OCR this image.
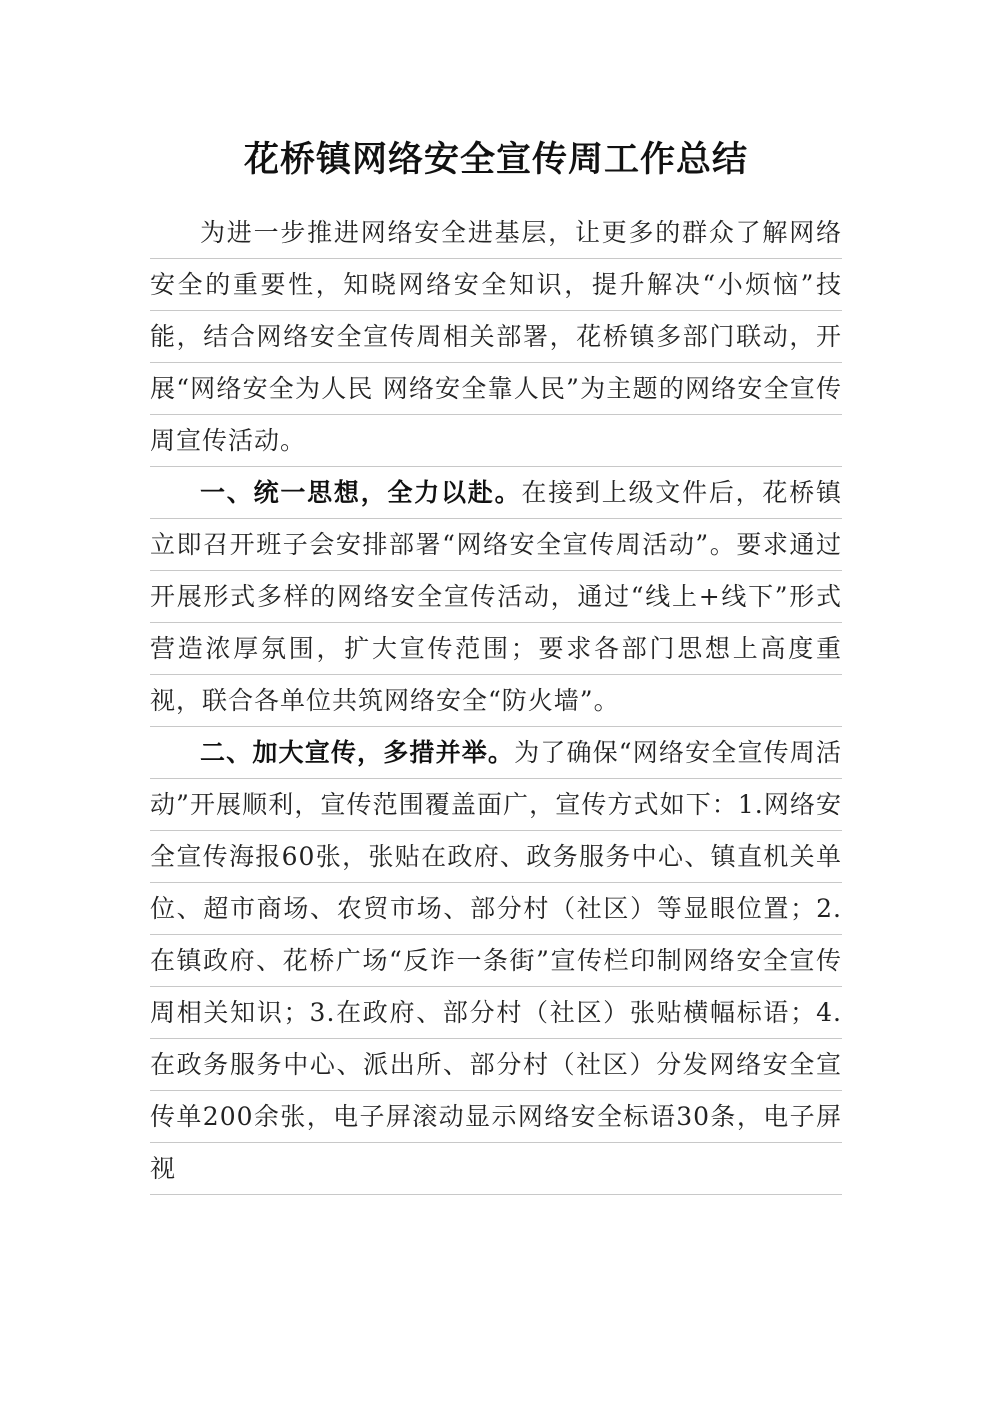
花桥镇网络安全宣传周工作总结

为进一步推进网络安全进基层，让更多的群众了解网络安全的重要性，知晓网络安全知识，提升解决“小烦恼”技能，结合网络安全宣传周相关部署，花桥镇多部门联动，开展“网络安全为人民 网络安全靠人民”为主题的网络安全宣传周宣传活动。

一、统一思想，全力以赴。在接到上级文件后，花桥镇立即召开班子会安排部署“网络安全宣传周活动”。要求通过开展形式多样的网络安全宣传活动，通过“线上+线下”形式营造浓厚氛围，扩大宣传范围；要求各部门思想上高度重视，联合各单位共筑网络安全“防火墙”。

二、加大宣传，多措并举。为了确保“网络安全宣传周活动”开展顺利，宣传范围覆盖面广，宣传方式如下：1.网络安全宣传海报60张，张贴在政府、政务服务中心、镇直机关单位、超市商场、农贸市场、部分村（社区）等显眼位置；2.在镇政府、花桥广场“反诈一条街”宣传栏印制网络安全宣传周相关知识；3.在政府、部分村（社区）张贴横幅标语；4.在政务服务中心、派出所、部分村（社区）分发网络安全宣传单200余张，电子屏滚动显示网络安全标语30条，电子屏视
